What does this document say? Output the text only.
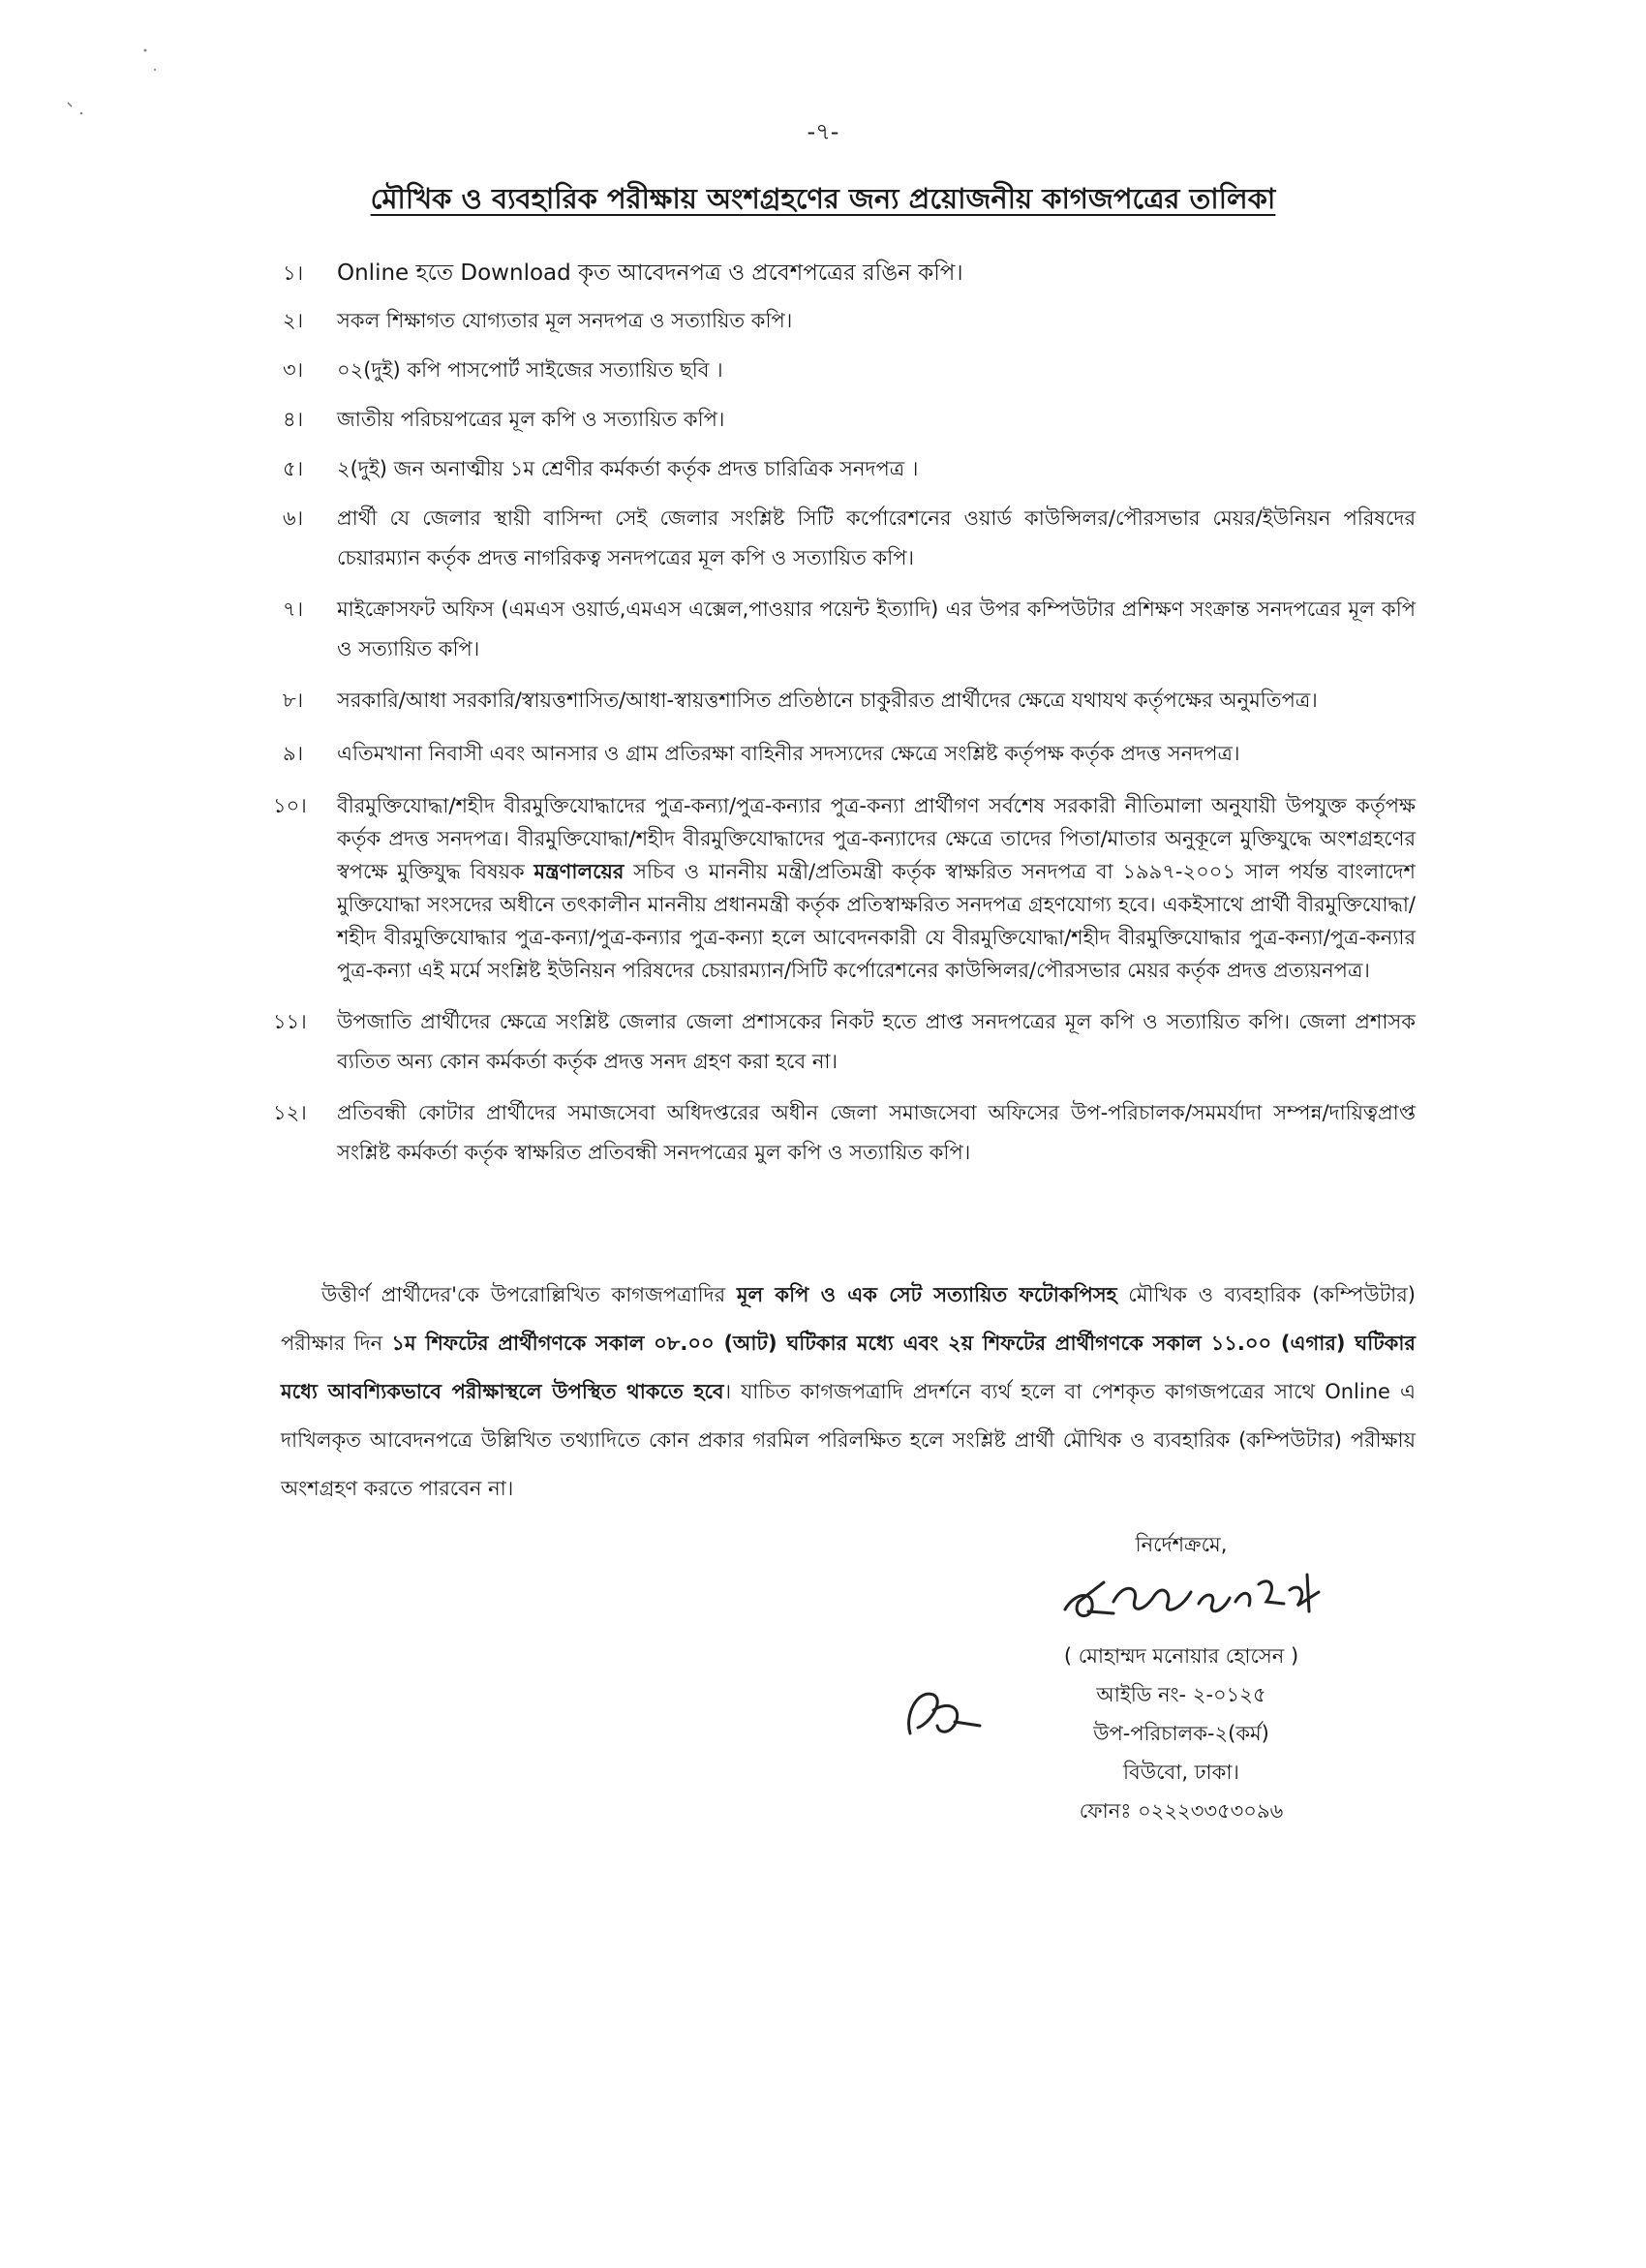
-৭-
মৌখিক ও ব্যবহারিক পরীক্ষায় অংশগ্রহণের জন্য প্রয়োজনীয় কাগজপত্রের তালিকা
১।	Online হতে Download কৃত আবেদনপত্র ও প্রবেশপত্রের রঙিন কপি।
২।	সকল শিক্ষাগত যোগ্যতার মূল সনদপত্র ও সত্যায়িত কপি।
৩।	০২(দুই) কপি পাসপোর্ট সাইজের সত্যায়িত ছবি ।
৪।	জাতীয় পরিচয়পত্রের মূল কপি ও সত্যায়িত কপি।
৫।	২(দুই) জন অনাত্মীয় ১ম শ্রেণীর কর্মকর্তা কর্তৃক প্রদত্ত চারিত্রিক সনদপত্র ।
৬।	প্রার্থী যে জেলার স্থায়ী বাসিন্দা সেই জেলার সংশ্লিষ্ট সিটি কর্পোরেশনের ওয়ার্ড কাউন্সিলর/পৌরসভার মেয়র/ইউনিয়ন পরিষদের চেয়ারম্যান কর্তৃক প্রদত্ত নাগরিকত্ব সনদপত্রের মূল কপি ও সত্যায়িত কপি।
৭।	মাইক্রোসফট অফিস (এমএস ওয়ার্ড,এমএস এক্সেল,পাওয়ার পয়েন্ট ইত্যাদি) এর উপর কম্পিউটার প্রশিক্ষণ সংক্রান্ত সনদপত্রের মূল কপি ও সত্যায়িত কপি।
৮।	সরকারি/আধা সরকারি/স্বায়ত্তশাসিত/আধা-স্বায়ত্তশাসিত প্রতিষ্ঠানে চাকুরীরত প্রার্থীদের ক্ষেত্রে যথাযথ কর্তৃপক্ষের অনুমতিপত্র।
৯।	এতিমখানা নিবাসী এবং আনসার ও গ্রাম প্রতিরক্ষা বাহিনীর সদস্যদের ক্ষেত্রে সংশ্লিষ্ট কর্তৃপক্ষ কর্তৃক প্রদত্ত সনদপত্র।
১০।	বীরমুক্তিযোদ্ধা/শহীদ বীরমুক্তিযোদ্ধাদের পুত্র-কন্যা/পুত্র-কন্যার পুত্র-কন্যা প্রার্থীগণ সর্বশেষ সরকারী নীতিমালা অনুযায়ী উপযুক্ত কর্তৃপক্ষ কর্তৃক প্রদত্ত সনদপত্র। বীরমুক্তিযোদ্ধা/শহীদ বীরমুক্তিযোদ্ধাদের পুত্র-কন্যাদের ক্ষেত্রে তাদের পিতা/মাতার অনুকূলে মুক্তিযুদ্ধে অংশগ্রহণের স্বপক্ষে মুক্তিযুদ্ধ বিষয়ক মন্ত্রণালয়ের সচিব ও মাননীয় মন্ত্রী/প্রতিমন্ত্রী কর্তৃক স্বাক্ষরিত সনদপত্র বা ১৯৯৭-২০০১ সাল পর্যন্ত বাংলাদেশ মুক্তিযোদ্ধা সংসদের অধীনে তৎকালীন মাননীয় প্রধানমন্ত্রী কর্তৃক প্রতিস্বাক্ষরিত সনদপত্র গ্রহণযোগ্য হবে। একইসাথে প্রার্থী বীরমুক্তিযোদ্ধা/শহীদ বীরমুক্তিযোদ্ধার পুত্র-কন্যা/পুত্র-কন্যার পুত্র-কন্যা হলে আবেদনকারী যে বীরমুক্তিযোদ্ধা/শহীদ বীরমুক্তিযোদ্ধার পুত্র-কন্যা/পুত্র-কন্যার পুত্র-কন্যা এই মর্মে সংশ্লিষ্ট ইউনিয়ন পরিষদের চেয়ারম্যান/সিটি কর্পোরেশনের কাউন্সিলর/পৌরসভার মেয়র কর্তৃক প্রদত্ত প্রত্যয়নপত্র।
১১।	উপজাতি প্রার্থীদের ক্ষেত্রে সংশ্লিষ্ট জেলার জেলা প্রশাসকের নিকট হতে প্রাপ্ত সনদপত্রের মূল কপি ও সত্যায়িত কপি। জেলা প্রশাসক ব্যতিত অন্য কোন কর্মকর্তা কর্তৃক প্রদত্ত সনদ গ্রহণ করা হবে না।
১২।	প্রতিবন্ধী কোটার প্রার্থীদের সমাজসেবা অধিদপ্তরের অধীন জেলা সমাজসেবা অফিসের উপ-পরিচালক/সমমর্যাদা সম্পন্ন/দায়িত্বপ্রাপ্ত সংশ্লিষ্ট কর্মকর্তা কর্তৃক স্বাক্ষরিত প্রতিবন্ধী সনদপত্রের মুল কপি ও সত্যায়িত কপি।
উত্তীর্ণ প্রার্থীদের'কে উপরোল্লিখিত কাগজপত্রাদির মূল কপি ও এক সেট সত্যায়িত ফটোকপিসহ মৌখিক ও ব্যবহারিক (কম্পিউটার) পরীক্ষার দিন ১ম শিফটের প্রার্থীগণকে সকাল ০৮.০০ (আট) ঘটিকার মধ্যে এবং ২য় শিফটের প্রার্থীগণকে সকাল ১১.০০ (এগার) ঘটিকার মধ্যে আবশ্যিকভাবে পরীক্ষাস্থলে উপস্থিত থাকতে হবে। যাচিত কাগজপত্রাদি প্রদর্শনে ব্যর্থ হলে বা পেশকৃত কাগজপত্রের সাথে Online এ দাখিলকৃত আবেদনপত্রে উল্লিখিত তথ্যাদিতে কোন প্রকার গরমিল পরিলক্ষিত হলে সংশ্লিষ্ট প্রার্থী মৌখিক ও ব্যবহারিক (কম্পিউটার) পরীক্ষায় অংশগ্রহণ করতে পারবেন না।
নির্দেশক্রমে,
( মোহাম্মদ মনোয়ার হোসেন )
আইডি নং- ২-০১২৫
উপ-পরিচালক-২(কর্ম)
বিউবো, ঢাকা।
ফোনঃ ০২২২৩৩৫৩০৯৬
